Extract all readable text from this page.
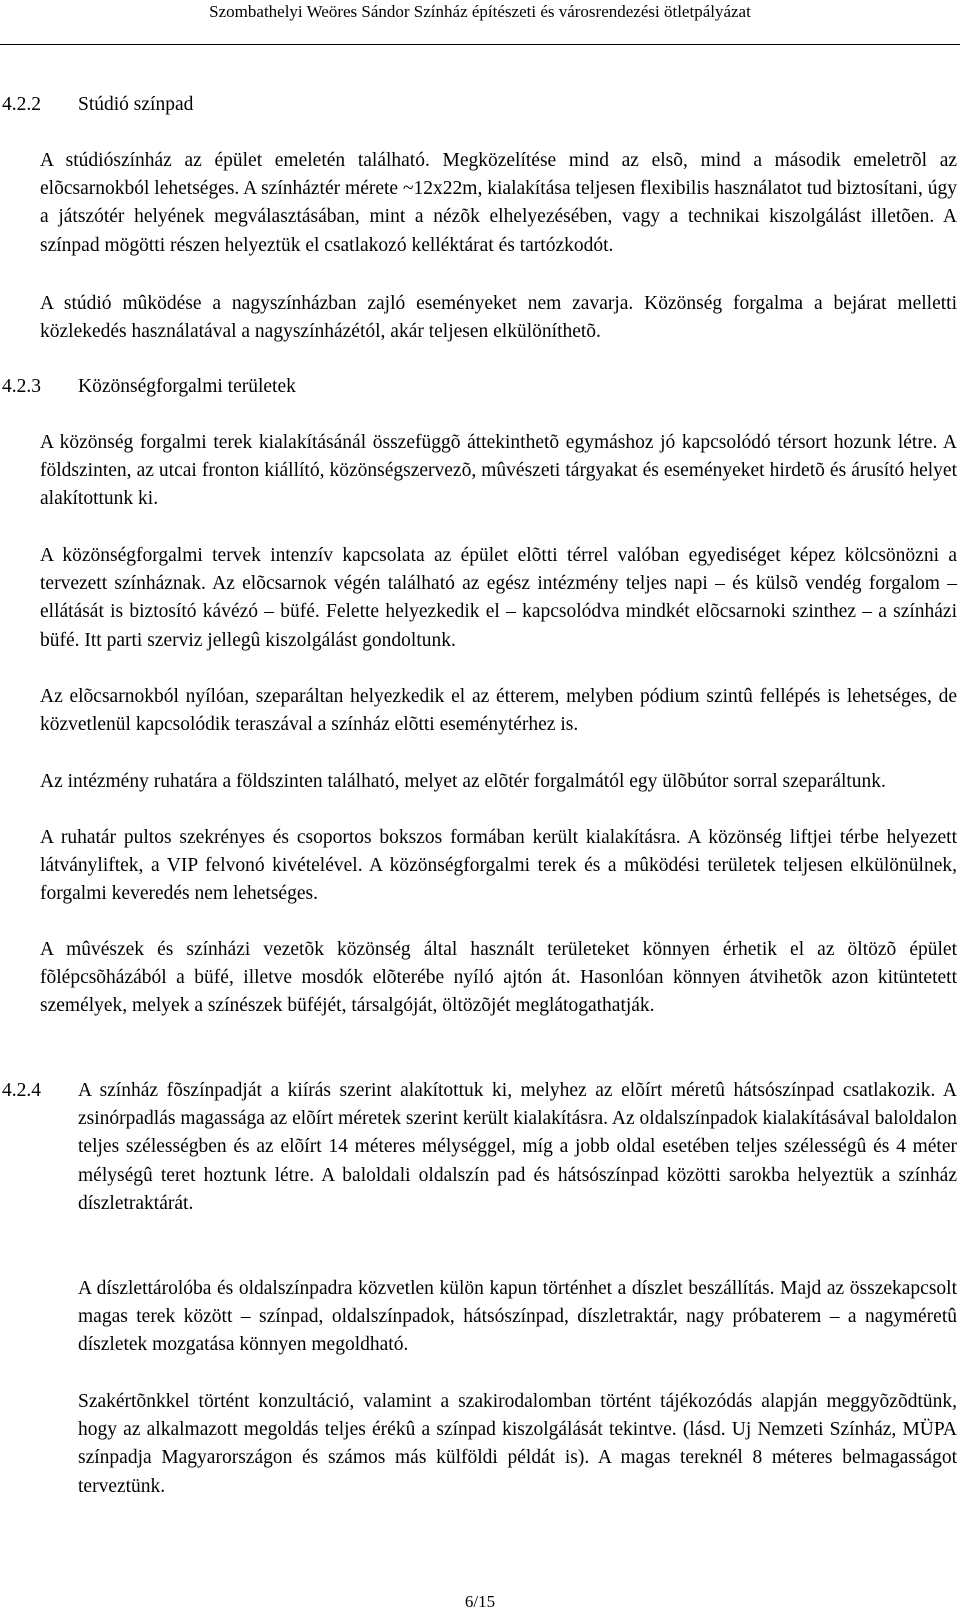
Szombathelyi Weöres Sándor Színház építészeti és városrendezési ötletpályázat
4.2.2 Stúdió színpad

A stúdiószínház az épület emeletén található. Megközelítése mind az elsõ, mind a második emeletrõl az elõcsarnokból lehetséges. A színháztér mérete ~12x22m, kialakítása teljesen flexibilis használatot tud biztosítani, úgy a játszótér helyének megválasztásában, mint a nézõk elhelyezésében, vagy a technikai kiszolgálást illetõen. A színpad mögötti részen helyeztük el csatlakozó kelléktárat és tartózkodót.

A stúdió mûködése a nagyszínházban zajló eseményeket nem zavarja. Közönség forgalma a bejárat melletti közlekedés használatával a nagyszínházétól, akár teljesen elkülöníthetõ.

4.2.3 Közönségforgalmi területek

A közönség forgalmi terek kialakításánál összefüggõ áttekinthetõ egymáshoz jó kapcsolódó térsort hozunk létre. A földszinten, az utcai fronton kiállító, közönségszervezõ, mûvészeti tárgyakat és eseményeket hirdetõ és árusító helyet alakítottunk ki.

A közönségforgalmi tervek intenzív kapcsolata az épület elõtti térrel valóban egyediséget képez kölcsönözni a tervezett színháznak. Az elõcsarnok végén található az egész intézmény teljes napi – és külsõ vendég forgalom – ellátását is biztosító kávézó – büfé. Felette helyezkedik el – kapcsolódva mindkét elõcsarnoki szinthez – a színházi büfé. Itt parti szerviz jellegû kiszolgálást gondoltunk.

Az elõcsarnokból nyílóan, szeparáltan helyezkedik el az étterem, melyben pódium szintû fellépés is lehetséges, de közvetlenül kapcsolódik teraszával a színház elõtti eseménytérhez is.

Az intézmény ruhatára a földszinten található, melyet az elõtér forgalmától egy ülõbútor sorral szeparáltunk.

A ruhatár pultos szekrényes és csoportos bokszos formában került kialakításra. A közönség liftjei térbe helyezett látványliftek, a VIP felvonó kivételével. A közönségforgalmi terek és a mûködési területek teljesen elkülönülnek, forgalmi keveredés nem lehetséges.

A mûvészek és színházi vezetõk közönség által használt területeket könnyen érhetik el az öltözõ épület fõlépcsõházából a büfé, illetve mosdók elõterébe nyíló ajtón át. Hasonlóan könnyen átvihetõk azon kitüntetett személyek, melyek a színészek büféjét, társalgóját, öltözõjét meglátogathatják.

4.2.4 A színház fõszínpadját a kiírás szerint alakítottuk ki, melyhez az elõírt méretû hátsószínpad csatlakozik. A zsinórpadlás magassága az elõírt méretek szerint került kialakításra. Az oldalszínpadok kialakításával baloldalon teljes szélességben és az elõírt 14 méteres mélységgel, míg a jobb oldal esetében teljes szélességû és 4 méter mélységû teret hoztunk létre. A baloldali oldalszín pad és hátsószínpad közötti sarokba helyeztük a színház díszletraktárát.

A díszlettárolóba és oldalszínpadra közvetlen külön kapun történhet a díszlet beszállítás. Majd az összekapcsolt magas terek között – színpad, oldalszínpadok, hátsószínpad, díszletraktár, nagy próbaterem – a nagyméretû díszletek mozgatása könnyen megoldható.

Szakértõnkkel történt konzultáció, valamint a szakirodalomban történt tájékozódás alapján meggyõzõdtünk, hogy az alkalmazott megoldás teljes érékû a színpad kiszolgálását tekintve. (lásd. Uj Nemzeti Színház, MÜPA színpadja Magyarországon és számos más külföldi példát is). A magas tereknél 8 méteres belmagasságot terveztünk.

6/15
